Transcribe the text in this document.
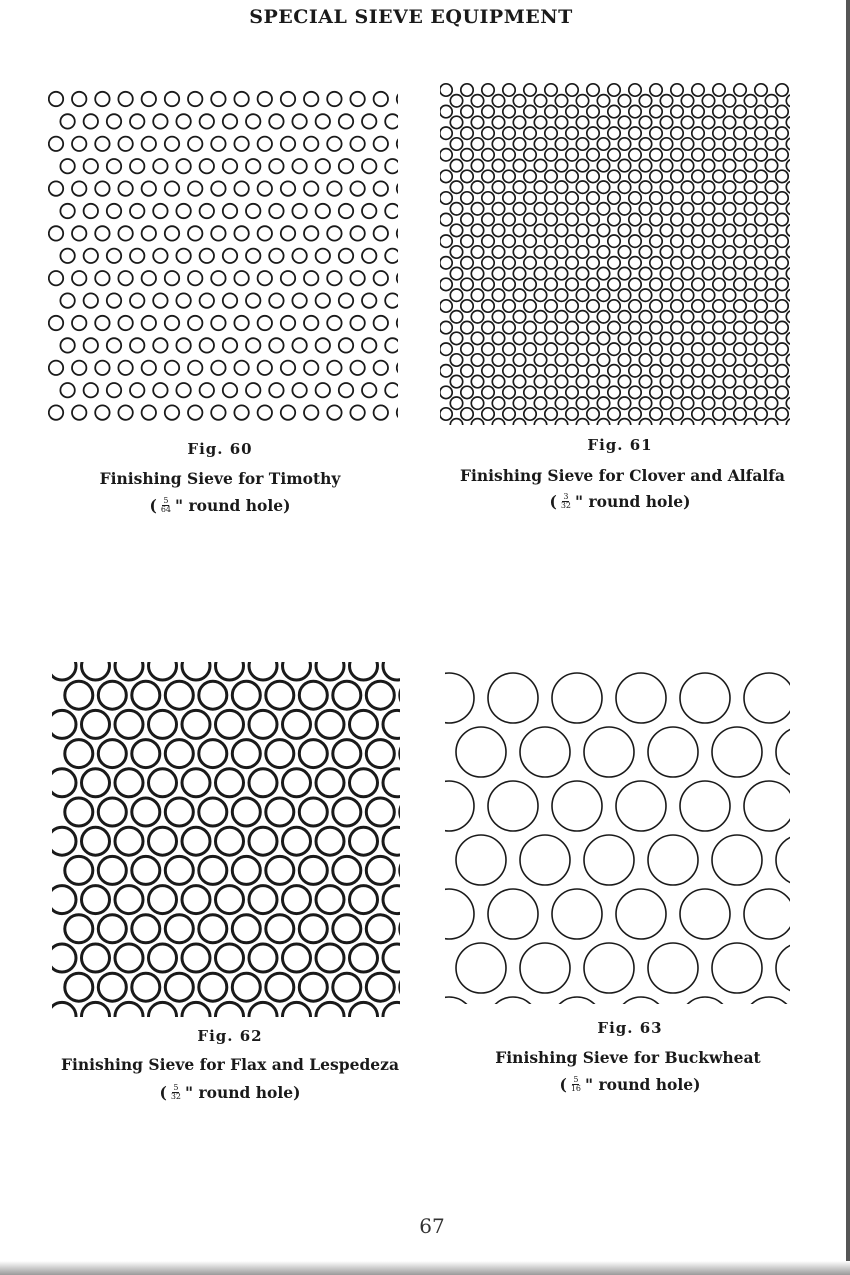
SPECIAL SIEVE EQUIPMENT
Fig. 60
Finishing Sieve for Timothy
( $\frac{5}{64}$ " round hole)
Fig. 61
Finishing Sieve for Clover and Alfalfa
( $\frac{3}{32}$ " round hole)
Fig. 62
Finishing Sieve for Flax and Lespedeza
( $\frac{5}{32}$ " round hole)
Fig. 63
Finishing Sieve for Buckwheat
( $\frac{5}{16}$ " round hole)
67
